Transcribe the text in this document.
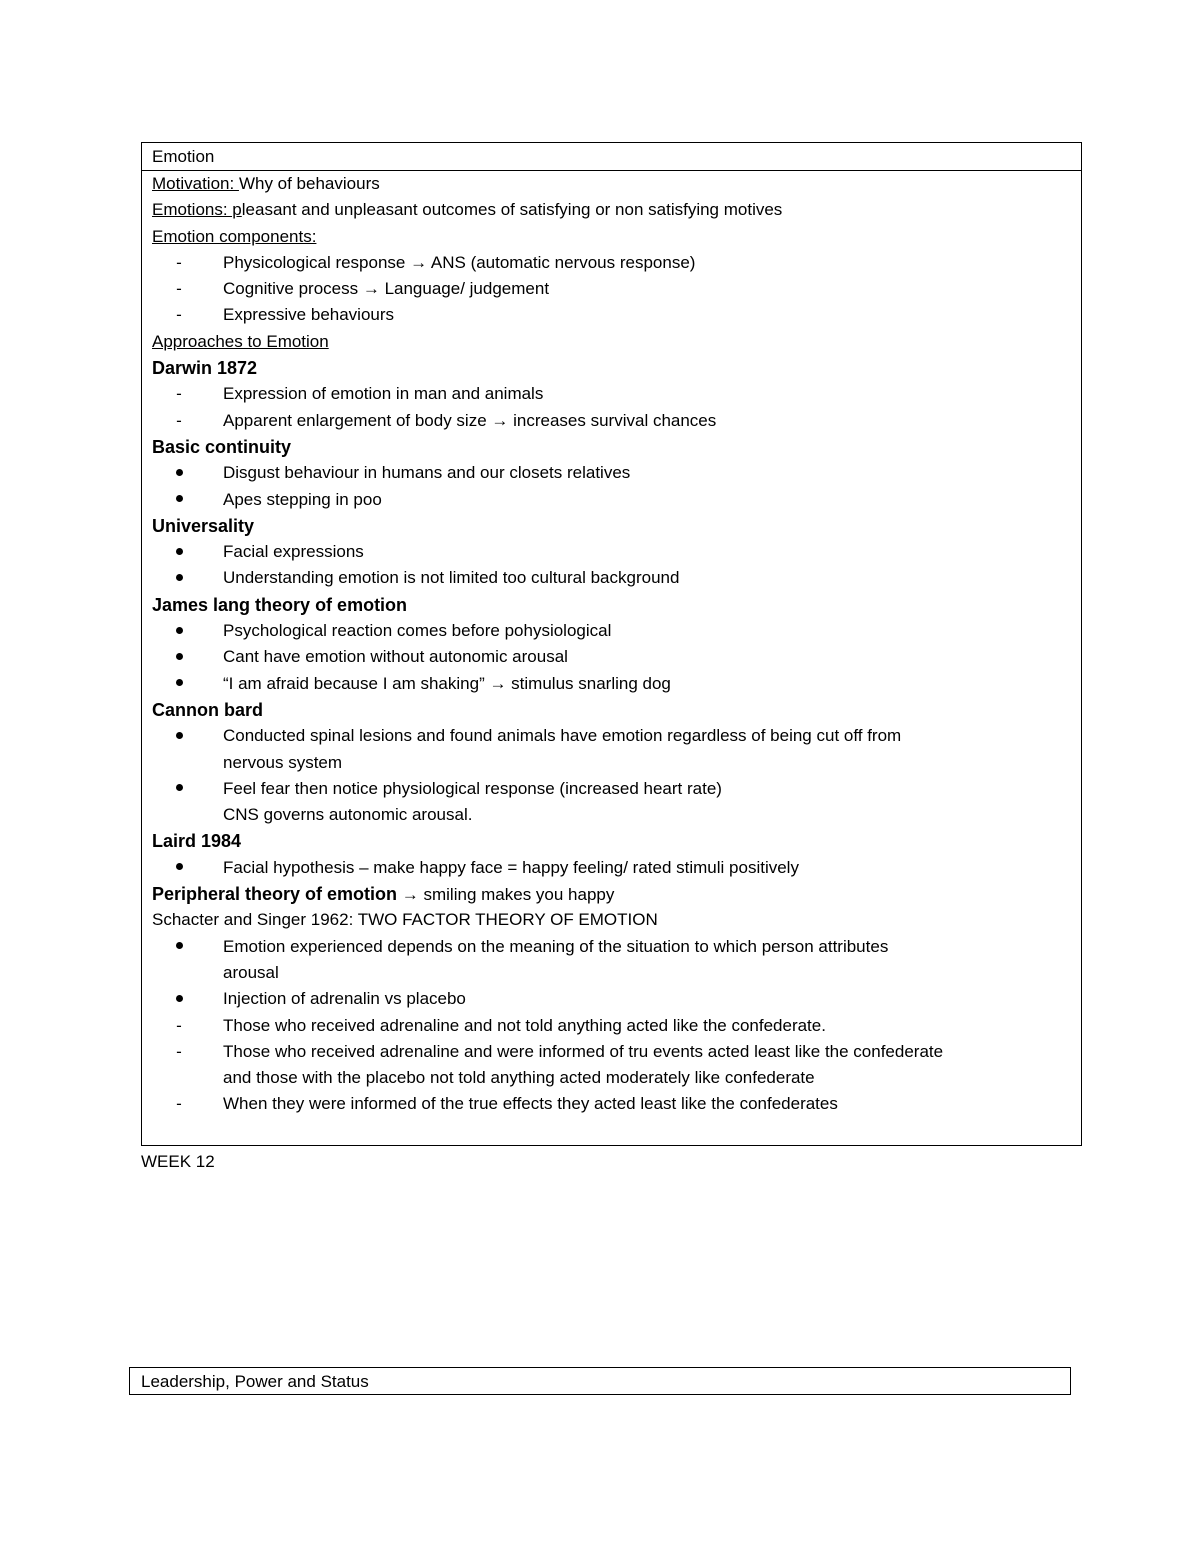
Emotion
Motivation: Why of behaviours
Emotions: pleasant and unpleasant outcomes of satisfying or non satisfying motives
Emotion components:
-	Physicological response → ANS (automatic nervous response)
-	Cognitive process → Language/ judgement
-	Expressive behaviours
Approaches to Emotion
Darwin 1872
-	Expression of emotion in man and animals
-	Apparent enlargement of body size → increases survival chances
Basic continuity
Disgust behaviour in humans and our closets relatives
Apes stepping in poo
Universality
Facial expressions
Understanding emotion is not limited too cultural background
James lang theory of emotion
Psychological reaction comes before pohysiological
Cant have emotion without autonomic arousal
“I am afraid because I am shaking” → stimulus snarling dog
Cannon bard
Conducted spinal lesions and found animals have emotion regardless of being cut off from
nervous system
Feel fear then notice physiological response (increased heart rate)
CNS governs autonomic arousal.
Laird 1984
Facial hypothesis – make happy face = happy feeling/ rated stimuli positively
Peripheral theory of emotion → smiling makes you happy
Schacter and Singer 1962: TWO FACTOR THEORY OF EMOTION
Emotion experienced depends on the meaning of the situation to which person attributes
arousal
Injection of adrenalin vs placebo
-	Those who received adrenaline and not told anything acted like the confederate.
-	Those who received adrenaline and were informed of tru events acted least like the confederate
and those with the placebo not told anything acted moderately like confederate
-	When they were informed of the true effects they acted least like the confederates
WEEK 12
Leadership, Power and Status
